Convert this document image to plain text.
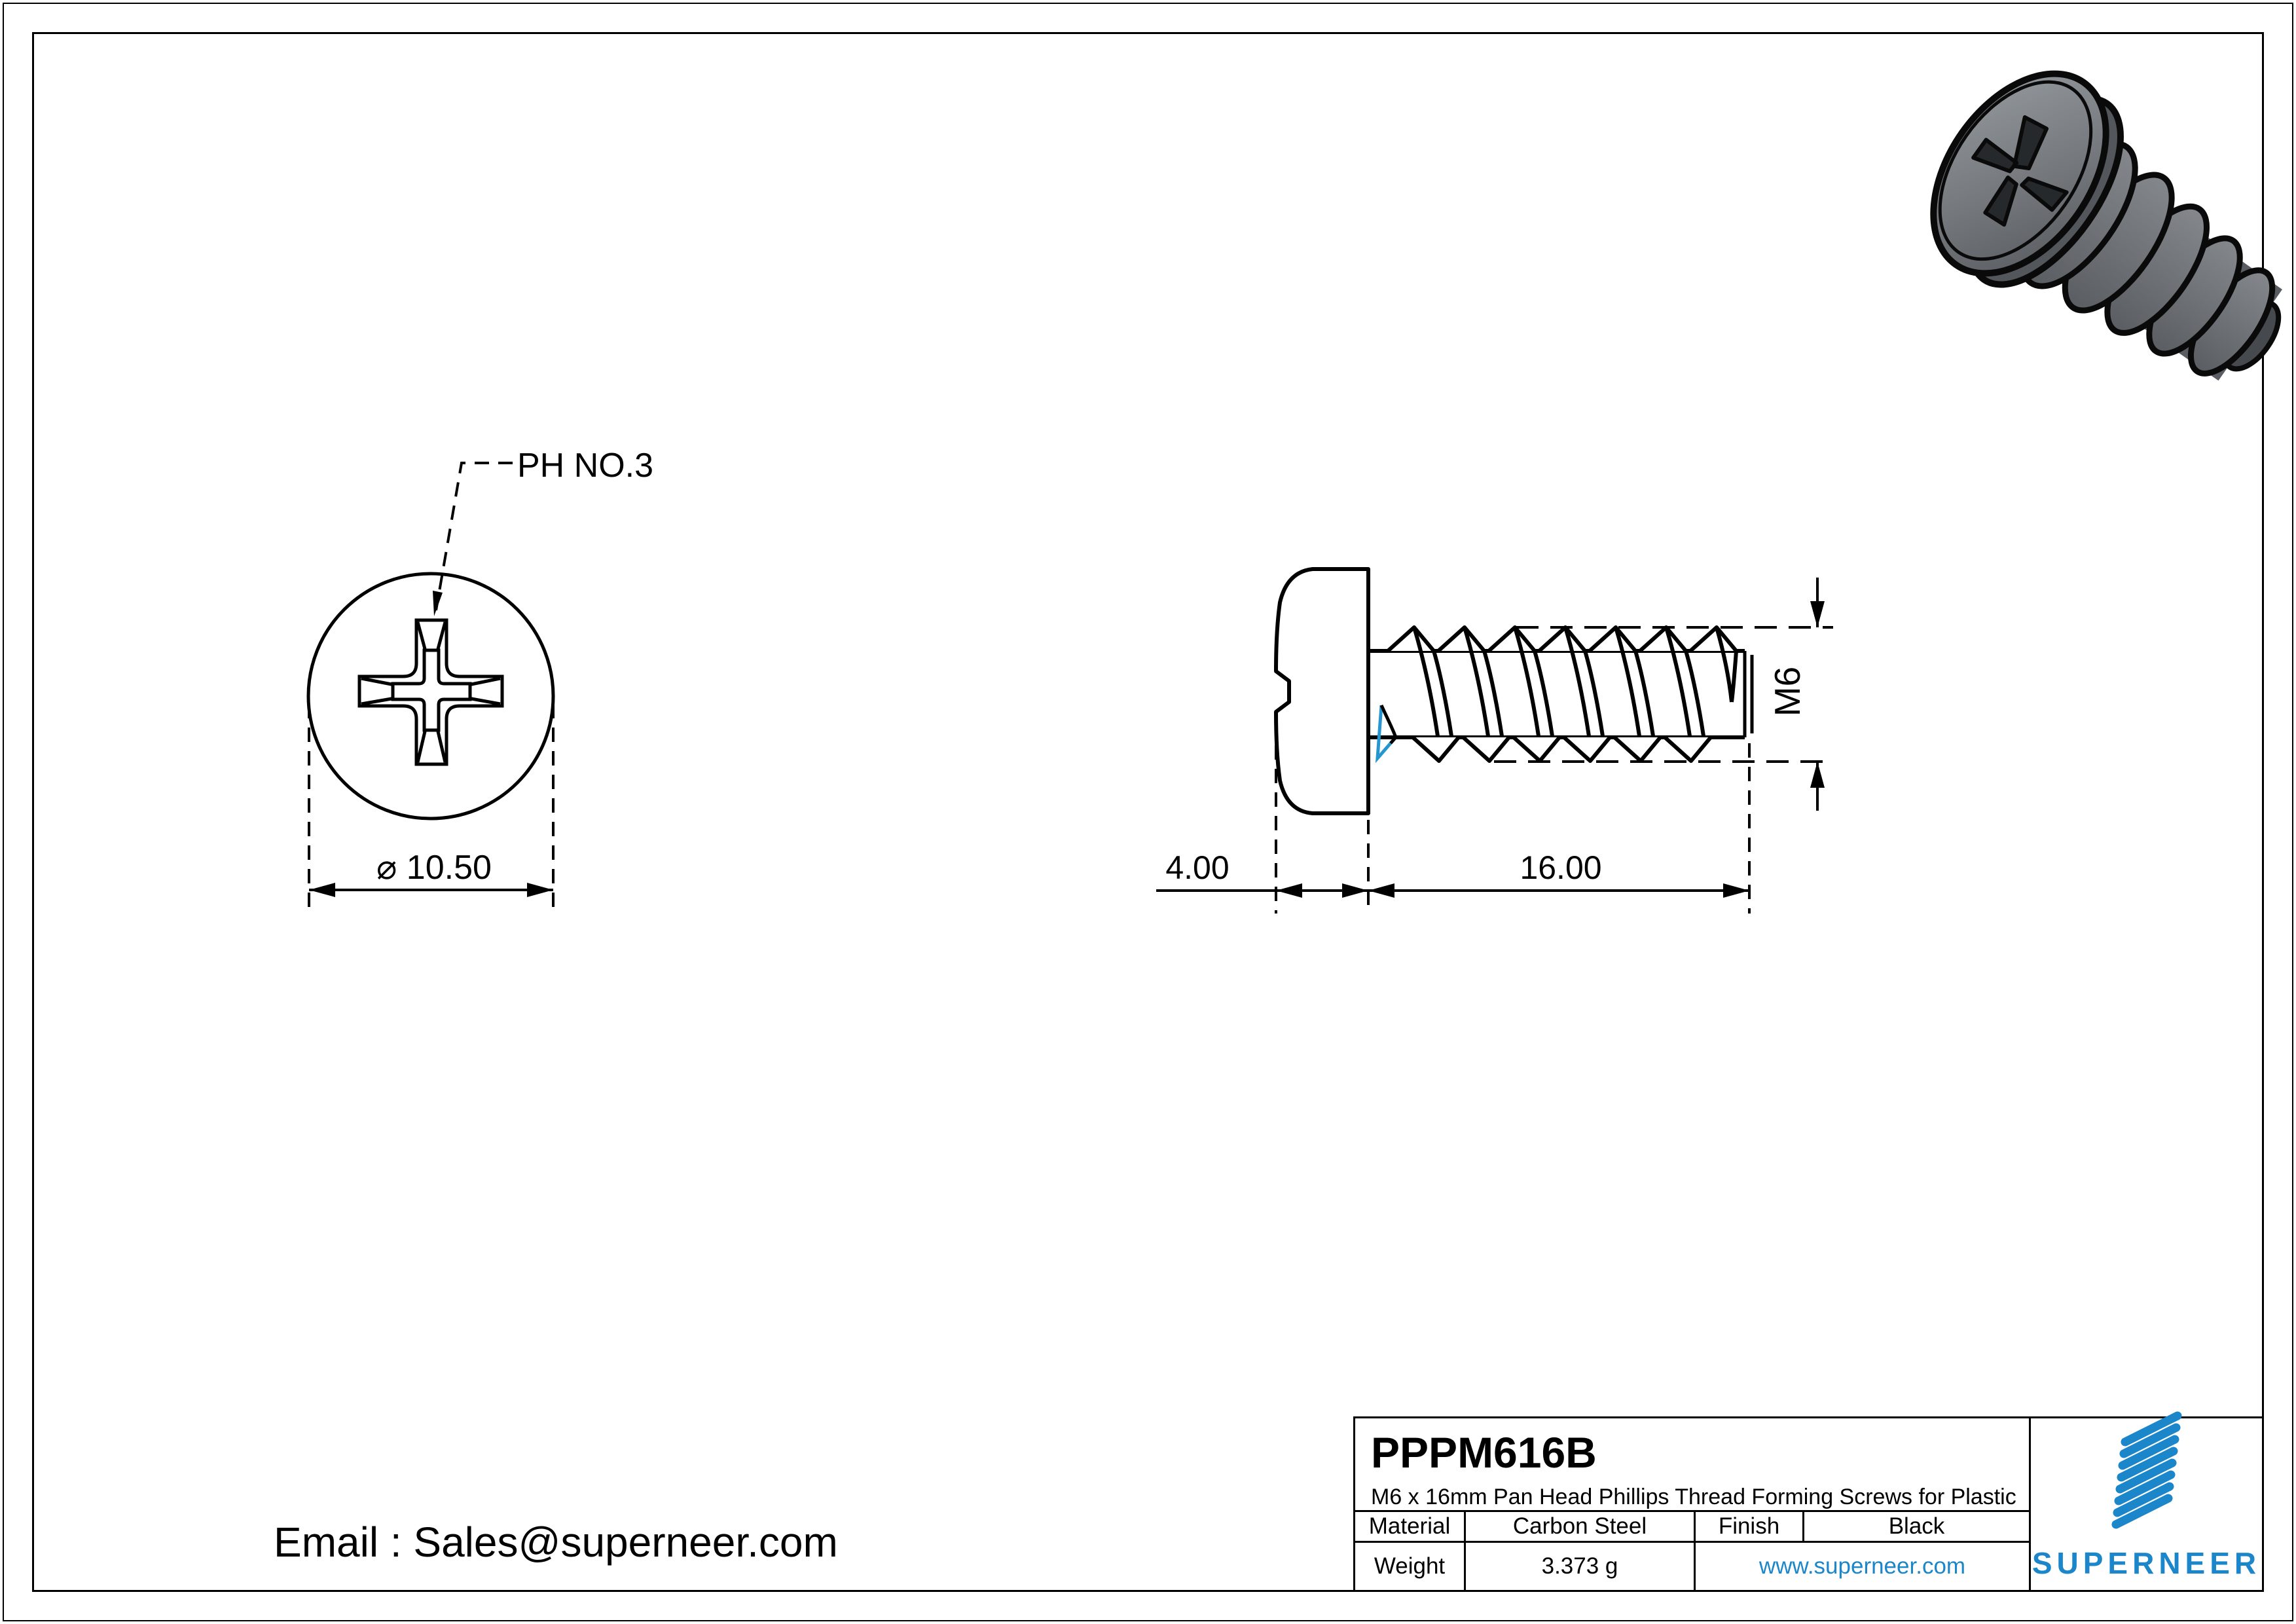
PH NO.3
⌀ 10.50
M6
4.00	16.00
Email : Sales@superneer.com
PPPM616B
M6 x 16mm Pan Head Phillips Thread Forming Screws for Plastic
Material	Carbon Steel	Finish	Black
Weight	3.373 g	www.superneer.com	SUPERNEER
